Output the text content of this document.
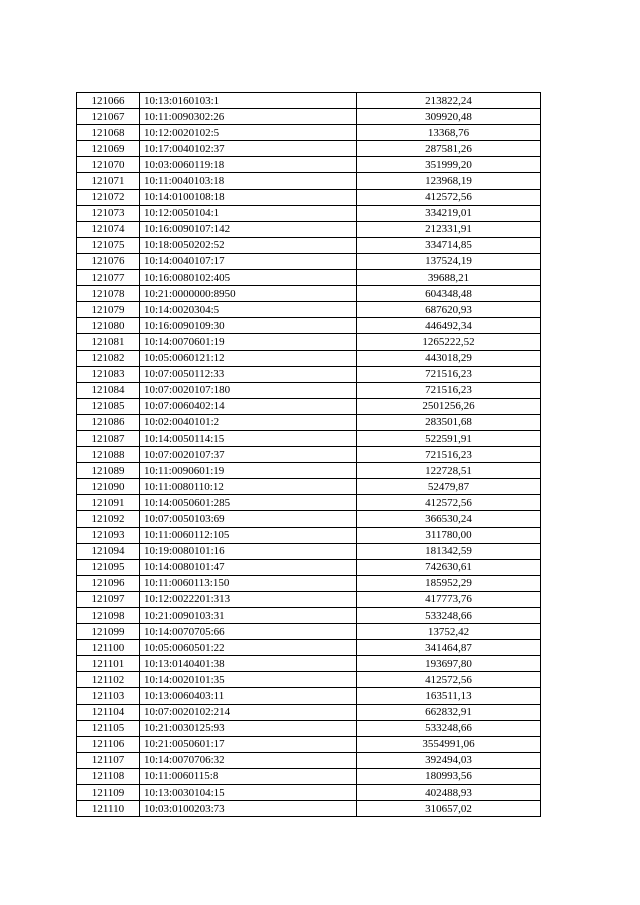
121066	10:13:0160103:1	213822,24
121067	10:11:0090302:26	309920,48
121068	10:12:0020102:5	13368,76
121069	10:17:0040102:37	287581,26
121070	10:03:0060119:18	351999,20
121071	10:11:0040103:18	123968,19
121072	10:14:0100108:18	412572,56
121073	10:12:0050104:1	334219,01
121074	10:16:0090107:142	212331,91
121075	10:18:0050202:52	334714,85
121076	10:14:0040107:17	137524,19
121077	10:16:0080102:405	39688,21
121078	10:21:0000000:8950	604348,48
121079	10:14:0020304:5	687620,93
121080	10:16:0090109:30	446492,34
121081	10:14:0070601:19	1265222,52
121082	10:05:0060121:12	443018,29
121083	10:07:0050112:33	721516,23
121084	10:07:0020107:180	721516,23
121085	10:07:0060402:14	2501256,26
121086	10:02:0040101:2	283501,68
121087	10:14:0050114:15	522591,91
121088	10:07:0020107:37	721516,23
121089	10:11:0090601:19	122728,51
121090	10:11:0080110:12	52479,87
121091	10:14:0050601:285	412572,56
121092	10:07:0050103:69	366530,24
121093	10:11:0060112:105	311780,00
121094	10:19:0080101:16	181342,59
121095	10:14:0080101:47	742630,61
121096	10:11:0060113:150	185952,29
121097	10:12:0022201:313	417773,76
121098	10:21:0090103:31	533248,66
121099	10:14:0070705:66	13752,42
121100	10:05:0060501:22	341464,87
121101	10:13:0140401:38	193697,80
121102	10:14:0020101:35	412572,56
121103	10:13:0060403:11	163511,13
121104	10:07:0020102:214	662832,91
121105	10:21:0030125:93	533248,66
121106	10:21:0050601:17	3554991,06
121107	10:14:0070706:32	392494,03
121108	10:11:0060115:8	180993,56
121109	10:13:0030104:15	402488,93
121110	10:03:0100203:73	310657,02
